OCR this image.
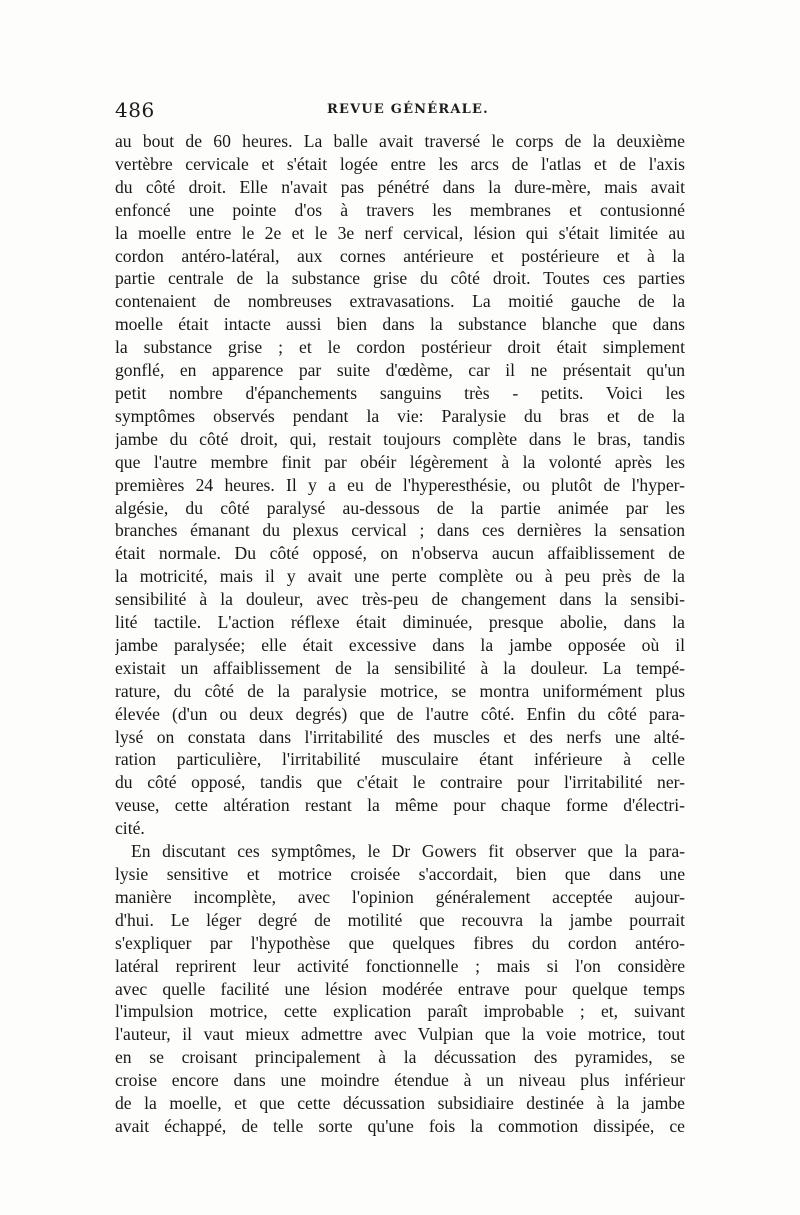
486	REVUE GÉNÉRALE.
au bout de 60 heures. La balle avait traversé le corps de la deuxième
vertèbre cervicale et s'était logée entre les arcs de l'atlas et de l'axis
du côté droit. Elle n'avait pas pénétré dans la dure-mère, mais avait
enfoncé une pointe d'os à travers les membranes et contusionné
la moelle entre le 2e et le 3e nerf cervical, lésion qui s'était limitée au
cordon antéro-latéral, aux cornes antérieure et postérieure et à la
partie centrale de la substance grise du côté droit. Toutes ces parties
contenaient de nombreuses extravasations. La moitié gauche de la
moelle était intacte aussi bien dans la substance blanche que dans
la substance grise ; et le cordon postérieur droit était simplement
gonflé, en apparence par suite d'œdème, car il ne présentait qu'un
petit nombre d'épanchements sanguins très - petits. Voici les
symptômes observés pendant la vie: Paralysie du bras et de la
jambe du côté droit, qui, restait toujours complète dans le bras, tandis
que l'autre membre finit par obéir légèrement à la volonté après les
premières 24 heures. Il y a eu de l'hyperesthésie, ou plutôt de l'hyper-
algésie, du côté paralysé au-dessous de la partie animée par les
branches émanant du plexus cervical ; dans ces dernières la sensation
était normale. Du côté opposé, on n'observa aucun affaiblissement de
la motricité, mais il y avait une perte complète ou à peu près de la
sensibilité à la douleur, avec très-peu de changement dans la sensibi-
lité tactile. L'action réflexe était diminuée, presque abolie, dans la
jambe paralysée; elle était excessive dans la jambe opposée où il
existait un affaiblissement de la sensibilité à la douleur. La tempé-
rature, du côté de la paralysie motrice, se montra uniformément plus
élevée (d'un ou deux degrés) que de l'autre côté. Enfin du côté para-
lysé on constata dans l'irritabilité des muscles et des nerfs une alté-
ration particulière, l'irritabilité musculaire étant inférieure à celle
du côté opposé, tandis que c'était le contraire pour l'irritabilité ner-
veuse, cette altération restant la même pour chaque forme d'électri-
cité.
En discutant ces symptômes, le Dr Gowers fit observer que la para-
lysie sensitive et motrice croisée s'accordait, bien que dans une
manière incomplète, avec l'opinion généralement acceptée aujour-
d'hui. Le léger degré de motilité que recouvra la jambe pourrait
s'expliquer par l'hypothèse que quelques fibres du cordon antéro-
latéral reprirent leur activité fonctionnelle ; mais si l'on considère
avec quelle facilité une lésion modérée entrave pour quelque temps
l'impulsion motrice, cette explication paraît improbable ; et, suivant
l'auteur, il vaut mieux admettre avec Vulpian que la voie motrice, tout
en se croisant principalement à la décussation des pyramides, se
croise encore dans une moindre étendue à un niveau plus inférieur
de la moelle, et que cette décussation subsidiaire destinée à la jambe
avait échappé, de telle sorte qu'une fois la commotion dissipée, ce
